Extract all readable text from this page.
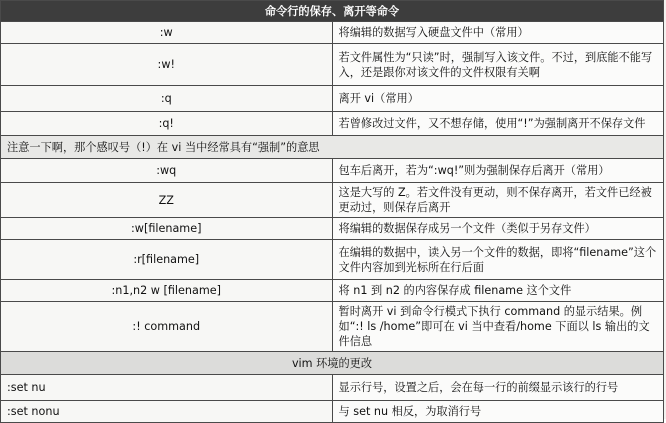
命令行的保存、离开等命令	
:w	将编辑的数据写入硬盘文件中（常用）
:w!	若文件属性为“只读”时，强制写入该文件。不过，到底能不能写入，还是跟你对该文件的文件权限有关啊
:q	离开 vi（常用）
:q!	若曾修改过文件，又不想存储，使用“!”为强制离开不保存文件
注意一下啊，那个感叹号（!）在 vi 当中经常具有“强制”的意思	
:wq	包车后离开，若为“:wq!”则为强制保存后离开（常用）
ZZ	这是大写的 Z。若文件没有更动，则不保存离开，若文件已经被更动过，则保存后离开
:w[filename]	将编辑的数据保存成另一个文件（类似于另存文件）
:r[filename]	在编辑的数据中，读入另一个文件的数据，即将“filename”这个文件内容加到光标所在行后面
:n1,n2 w [filename]	将 n1 到 n2 的内容保存成 filename 这个文件
:! command	暂时离开 vi 到命令行模式下执行 command 的显示结果。例如“:! ls /home”即可在 vi 当中查看/home 下面以 ls 输出的文件信息
vim 环境的更改	
:set nu	显示行号，设置之后，会在每一行的前缀显示该行的行号
:set nonu	与 set nu 相反，为取消行号
